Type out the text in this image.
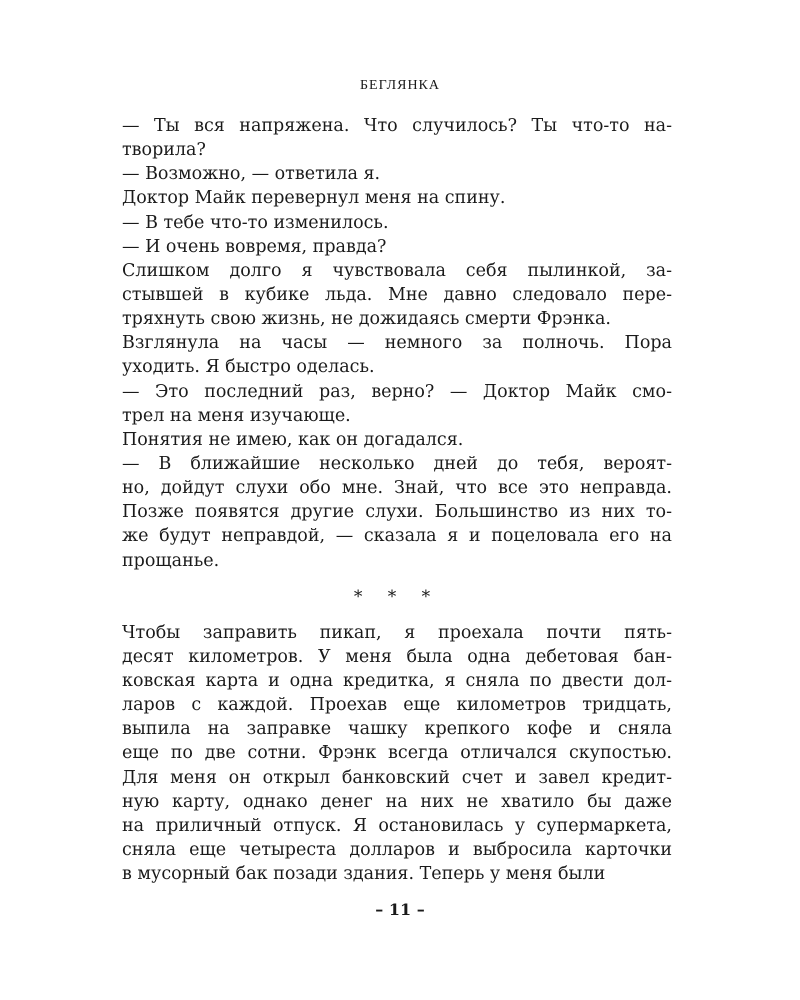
БЕГЛЯНКА
— Ты вся напряжена. Что случилось? Ты что-то на-
творила?
— Возможно, — ответила я.
Доктор Майк перевернул меня на спину.
— В тебе что-то изменилось.
— И очень вовремя, правда?
Слишком долго я чувствовала себя пылинкой, за-
стывшей в кубике льда. Мне давно следовало пере-
тряхнуть свою жизнь, не дожидаясь смерти Фрэнка.
Взглянула на часы — немного за полночь. Пора
уходить. Я быстро оделась.
— Это последний раз, верно? — Доктор Майк смо-
трел на меня изучающе.
Понятия не имею, как он догадался.
— В ближайшие несколько дней до тебя, вероят-
но, дойдут слухи обо мне. Знай, что все это неправда.
Позже появятся другие слухи. Большинство из них то-
же будут неправдой, — сказала я и поцеловала его на
прощанье.
* * *
Чтобы заправить пикап, я проехала почти пять-
десят километров. У меня была одна дебетовая бан-
ковская карта и одна кредитка, я сняла по двести дол-
ларов с каждой. Проехав еще километров тридцать,
выпила на заправке чашку крепкого кофе и сняла
еще по две сотни. Фрэнк всегда отличался скупостью.
Для меня он открыл банковский счет и завел кредит-
ную карту, однако денег на них не хватило бы даже
на приличный отпуск. Я остановилась у супермаркета,
сняла еще четыреста долларов и выбросила карточки
в мусорный бак позади здания. Теперь у меня были
– 11 –
